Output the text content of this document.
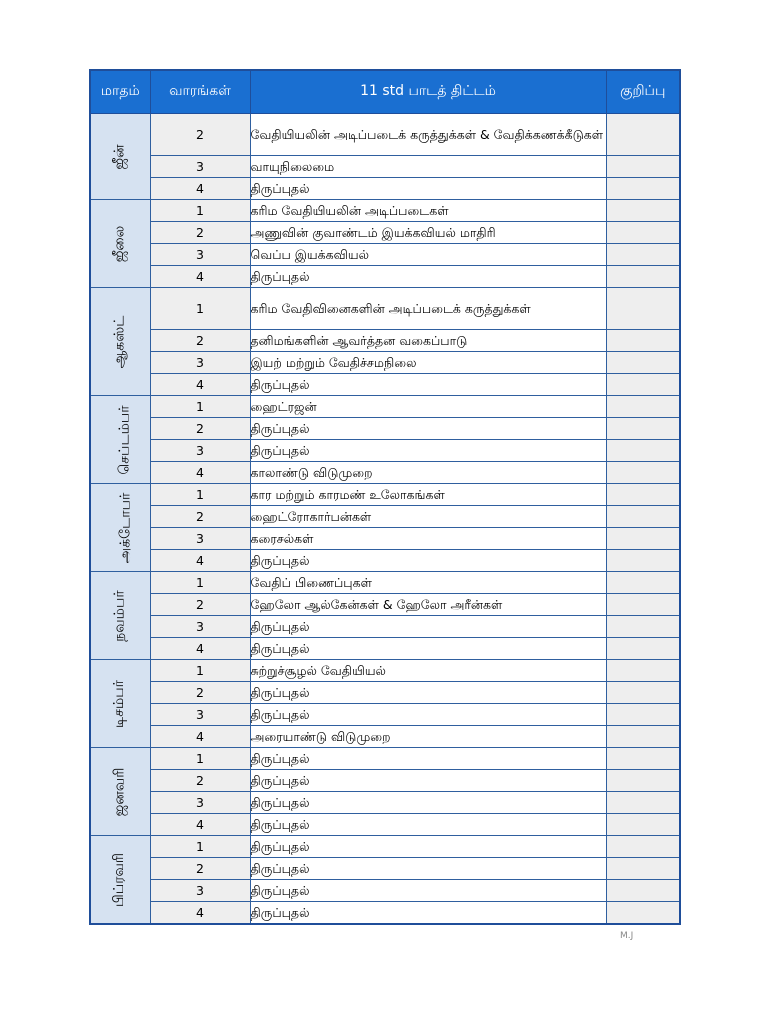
மாதம்	வாரங்கள்	11 std பாடத் திட்டம்	குறிப்பு
ஜீன்	2	வேதியியலின் அடிப்படைக் கருத்துக்கள் & வேதிக்கணக்கீடுகள்	
	3	வாயுநிலைமை	
	4	திருப்புதல்	
ஜீலை	1	கரிம வேதியியலின் அடிப்படைகள்	
	2	அணுவின் குவாண்டம் இயக்கவியல் மாதிரி	
	3	வெப்ப இயக்கவியல்	
	4	திருப்புதல்	
ஆகஸ்ட்	1	கரிம வேதிவினைகளின் அடிப்படைக் கருத்துக்கள்	
	2	தனிமங்களின் ஆவர்த்தன வகைப்பாடு	
	3	இயற் மற்றும் வேதிச்சமநிலை	
	4	திருப்புதல்	
செப்டம்பர்	1	ஹைட்ரஜன்	
	2	திருப்புதல்	
	3	திருப்புதல்	
	4	காலாண்டு விடுமுறை	
அக்டோபர்	1	கார மற்றும் காரமண் உலோகங்கள்	
	2	ஹைட்ரோகார்பன்கள்	
	3	கரைசல்கள்	
	4	திருப்புதல்	
நவம்பர்	1	வேதிப் பிணைப்புகள்	
	2	ஹேலோ ஆல்கேன்கள் & ஹேலோ அரீன்கள்	
	3	திருப்புதல்	
	4	திருப்புதல்	
டிசம்பர்	1	சுற்றுச்சூழல் வேதியியல்	
	2	திருப்புதல்	
	3	திருப்புதல்	
	4	அரையாண்டு விடுமுறை	
ஜனவரி	1	திருப்புதல்	
	2	திருப்புதல்	
	3	திருப்புதல்	
	4	திருப்புதல்	
பிப்ரவரி	1	திருப்புதல்	
	2	திருப்புதல்	
	3	திருப்புதல்	
	4	திருப்புதல்	
M.J
